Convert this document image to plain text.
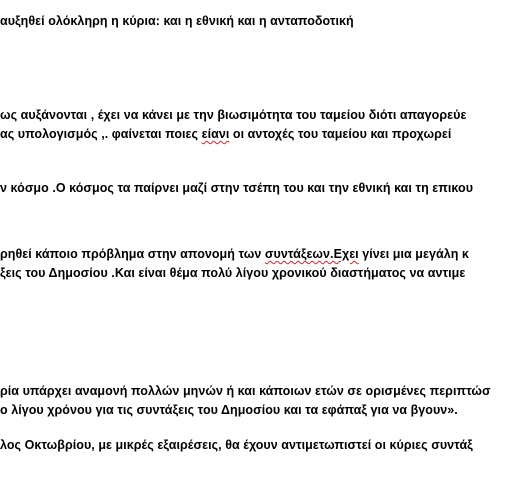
αυξηθεί ολόκληρη η κύρια: και η εθνική και η ανταποδοτική
ως αυξάνονται , έχει να κάνει με την βιωσιμότητα του ταμείου διότι απαγορεύε
ας υπολογισμός ,. φαίνεται ποιες είανι οι αντοχές του ταμείου και προχωρεί
ν κόσμο .Ο κόσμος τα παίρνει μαζί στην τσέπη του και την εθνική και τη επικου
ρηθεί κάποιο πρόβλημα στην απονομή των συντάξεων.Εχει γίνει μια μεγάλη κ
ξεις του Δημοσίου .Και είναι θέμα πολύ λίγου χρονικού διαστήματος να αντιμε
ρία υπάρχει αναμονή πολλών μηνών ή και κάποιων ετών σε ορισμένες περιπτώσ
ο λίγου χρόνου για τις συντάξεις του Δημοσίου και τα εφάπαξ για να βγουν».
λος Οκτωβρίου, με μικρές εξαιρέσεις, θα έχουν αντιμετωπιστεί οι κύριες συντάξ
